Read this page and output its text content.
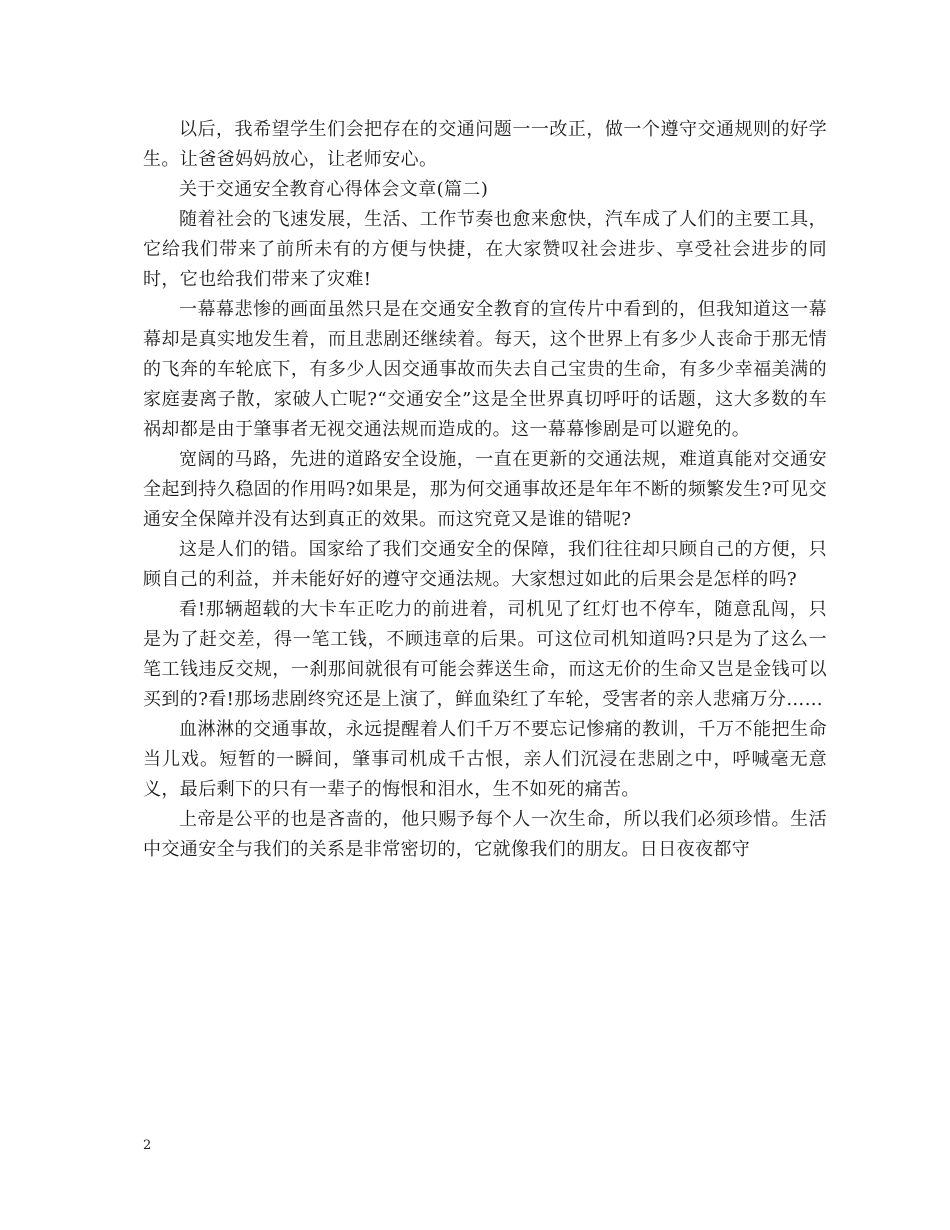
以后，我希望学生们会把存在的交通问题一一改正，做一个遵守交通规则的好学生。让爸爸妈妈放心，让老师安心。

关于交通安全教育心得体会文章(篇二)

随着社会的飞速发展，生活、工作节奏也愈来愈快，汽车成了人们的主要工具，它给我们带来了前所未有的方便与快捷，在大家赞叹社会进步、享受社会进步的同时，它也给我们带来了灾难!

一幕幕悲惨的画面虽然只是在交通安全教育的宣传片中看到的，但我知道这一幕幕却是真实地发生着，而且悲剧还继续着。每天，这个世界上有多少人丧命于那无情的飞奔的车轮底下，有多少人因交通事故而失去自己宝贵的生命，有多少幸福美满的家庭妻离子散，家破人亡呢?“交通安全”这是全世界真切呼吁的话题，这大多数的车祸却都是由于肇事者无视交通法规而造成的。这一幕幕惨剧是可以避免的。

宽阔的马路，先进的道路安全设施，一直在更新的交通法规，难道真能对交通安全起到持久稳固的作用吗?如果是，那为何交通事故还是年年不断的频繁发生?可见交通安全保障并没有达到真正的效果。而这究竟又是谁的错呢?

这是人们的错。国家给了我们交通安全的保障，我们往往却只顾自己的方便，只顾自己的利益，并未能好好的遵守交通法规。大家想过如此的后果会是怎样的吗?

看!那辆超载的大卡车正吃力的前进着，司机见了红灯也不停车，随意乱闯，只是为了赶交差，得一笔工钱，不顾违章的后果。可这位司机知道吗?只是为了这么一笔工钱违反交规，一刹那间就很有可能会葬送生命，而这无价的生命又岂是金钱可以买到的?看!那场悲剧终究还是上演了，鲜血染红了车轮，受害者的亲人悲痛万分……

血淋淋的交通事故，永远提醒着人们千万不要忘记惨痛的教训，千万不能把生命当儿戏。短暂的一瞬间，肇事司机成千古恨，亲人们沉浸在悲剧之中，呼喊毫无意义，最后剩下的只有一辈子的悔恨和泪水，生不如死的痛苦。

上帝是公平的也是吝啬的，他只赐予每个人一次生命，所以我们必须珍惜。生活中交通安全与我们的关系是非常密切的，它就像我们的朋友。日日夜夜都守

2
